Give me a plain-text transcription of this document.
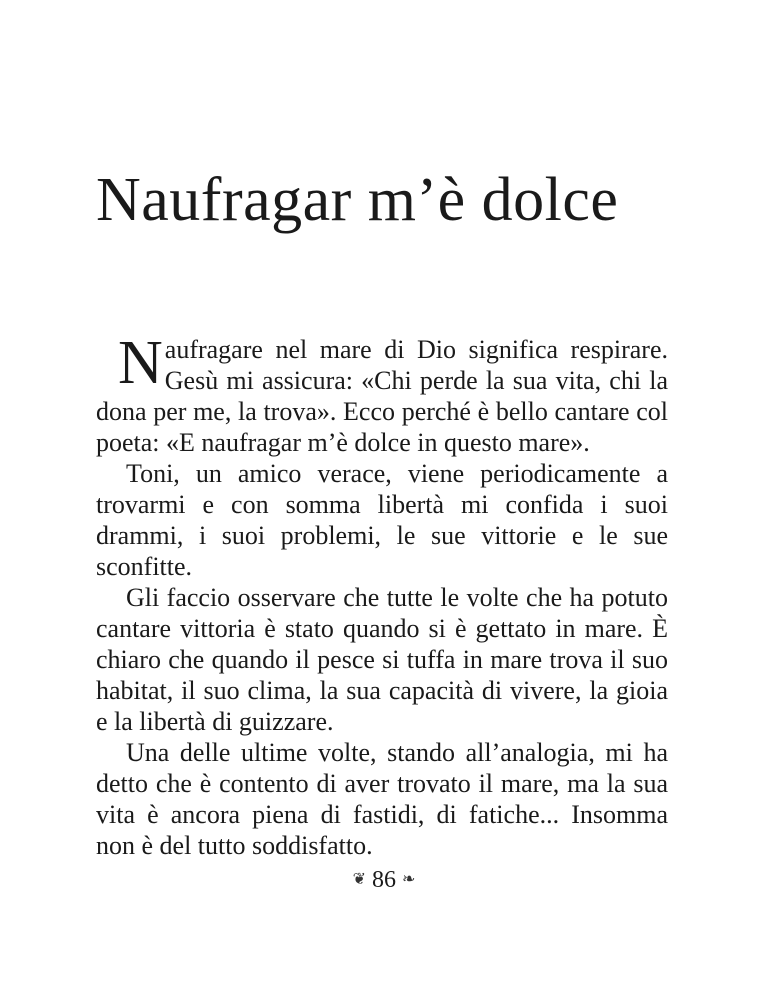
Naufragar m’è dolce

Naufragare nel mare di Dio significa respirare. Gesù mi assicura: «Chi perde la sua vita, chi la dona per me, la trova». Ecco perché è bello cantare col poeta: «E naufragar m’è dolce in questo mare».

Toni, un amico verace, viene periodicamente a trovarmi e con somma libertà mi confida i suoi drammi, i suoi problemi, le sue vittorie e le sue sconfitte.

Gli faccio osservare che tutte le volte che ha potuto cantare vittoria è stato quando si è gettato in mare. È chiaro che quando il pesce si tuffa in mare trova il suo habitat, il suo clima, la sua capacità di vivere, la gioia e la libertà di guizzare.

Una delle ultime volte, stando all’analogia, mi ha detto che è contento di aver trovato il mare, ma la sua vita è ancora piena di fastidi, di fatiche... Insomma non è del tutto soddisfatto.

❦ 86 ❧
